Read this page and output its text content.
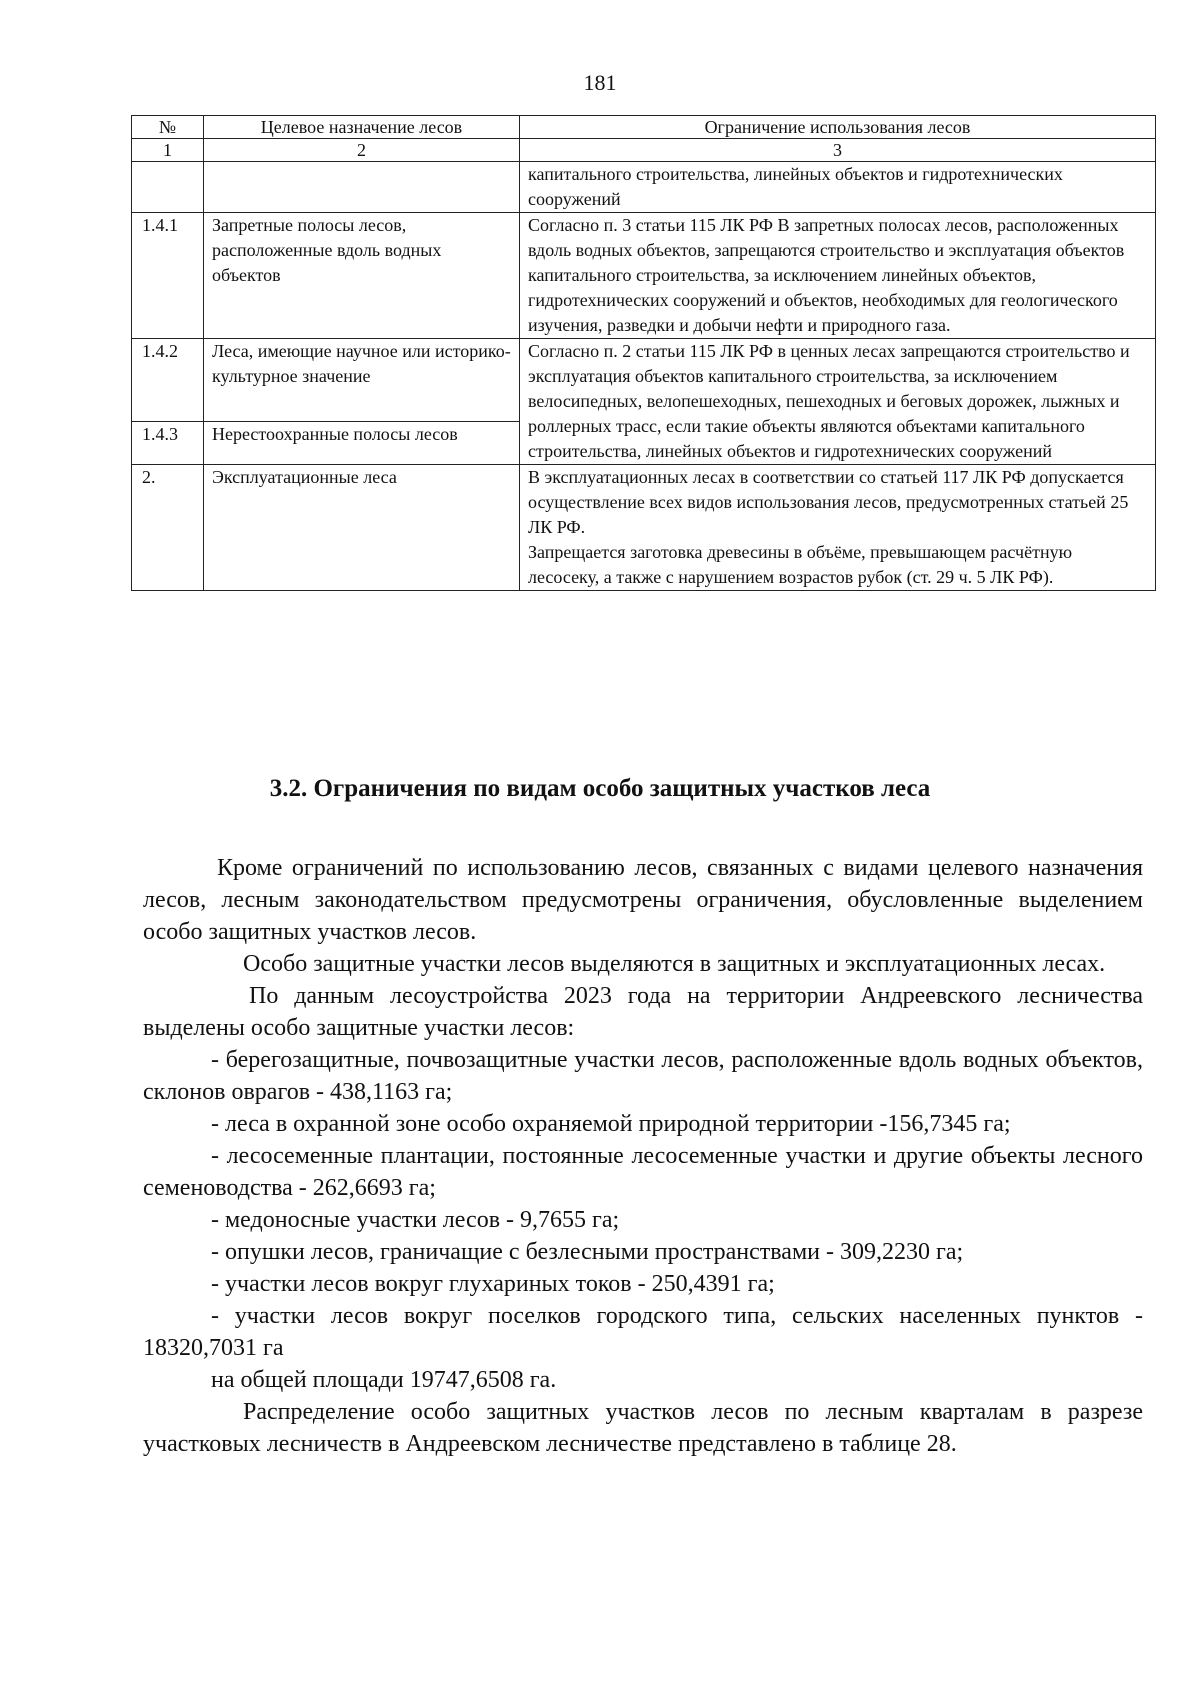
181
№	Целевое назначение лесов	Ограничение использования лесов
1	2	3
		капитального строительства, линейных объектов и гидротехнических сооружений
1.4.1	Запретные полосы лесов, расположенные вдоль водных объектов	Согласно п. 3 статьи 115 ЛК РФ В запретных полосах лесов, расположенных вдоль водных объектов, запрещаются строительство и эксплуатация объектов капитального строительства, за исключением линейных объектов, гидротехнических сооружений и объектов, необходимых для геологического изучения, разведки и добычи нефти и природного газа.
1.4.2	Леса, имеющие научное или историко-культурное значение	Согласно п. 2 статьи 115 ЛК РФ в ценных лесах запрещаются строительство и эксплуатация объектов капитального строительства, за исключением велосипедных, велопешеходных, пешеходных и беговых дорожек, лыжных и роллерных трасс, если такие объекты являются объектами капитального строительства, линейных объектов и гидротехнических сооружений
1.4.3	Нерестоохранные полосы лесов	
2.	Эксплуатационные леса	В эксплуатационных лесах в соответствии со статьей 117 ЛК РФ допускается осуществление всех видов использования лесов, предусмотренных статьей 25 ЛК РФ.
Запрещается заготовка древесины в объёме, превышающем расчётную лесосеку, а также с нарушением возрастов рубок (ст. 29 ч. 5 ЛК РФ).
3.2. Ограничения по видам особо защитных участков леса

Кроме ограничений по использованию лесов, связанных с видами целевого назначения лесов, лесным законодательством предусмотрены ограничения, обусловленные выделением особо защитных участков лесов.

Особо защитные участки лесов выделяются в защитных и эксплуатационных лесах.

По данным лесоустройства 2023 года на территории Андреевского лесничества выделены особо защитные участки лесов:

- берегозащитные, почвозащитные участки лесов, расположенные вдоль водных объектов, склонов оврагов - 438,1163 га;

- леса в охранной зоне особо охраняемой природной территории -156,7345 га;

- лесосеменные плантации, постоянные лесосеменные участки и другие объекты лесного семеноводства - 262,6693 га;

- медоносные участки лесов - 9,7655 га;

- опушки лесов, граничащие с безлесными пространствами - 309,2230 га;

- участки лесов вокруг глухариных токов - 250,4391 га;

- участки лесов вокруг поселков городского типа, сельских населенных пунктов - 18320,7031 га

на общей площади 19747,6508 га.

Распределение особо защитных участков лесов по лесным кварталам в разрезе участковых лесничеств в Андреевском лесничестве представлено в таблице 28.
